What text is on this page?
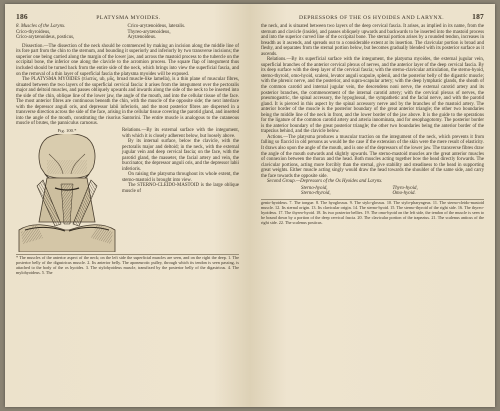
186	PLATYSMA MYOIDES.
8. Muscles of the Larynx.	Crico-arytænoideus, lateralis.
Crico-thyroideus,	Thyreo-arytænoideus,
Crico-arytænoideus, posticus,	Arytænoideus.

Dissection.—The dissection of the neck should be commenced by making an incision along the middle line of its fore part from the chin to the sternum, and bounding it superiorly and inferiorly by two transverse incisions; the superior one being carried along the margin of the lower jaw, and across the mastoid process to the tubercle on the occipital bone, the inferior one along the clavicle to the acromion process. The square flap of integument thus included should be turned back from the entire side of the neck, which brings into view the superficial fascia, and on the removal of a thin layer of superficial fascia the platysma myoides will be exposed.

The PLATYSMA MYOIDES (πλατύς, ub, μῦς, broad muscle-like lamella), is a thin plane of muscular fibres, situated between the two layers of the superficial cervical fascia: it arises from the integument over the pectoralis major and deltoid muscles, and passes obliquely upwards and inwards along the side of the neck to be inserted into the side of the chin, oblique line of the lower jaw, the angle of the mouth, and into the cellular tissue of the face. The most anterior fibres are continuous beneath the chin, with the muscle of the opposite side; the next interlace with the depressor anguli oris, and depressor labii inferioris, and the most posterior fibres are dispersed in a transverse direction across the side of the face, arising in the cellular tissue covering the parotid gland, and inserted into the angle of the mouth, constituting the risorius Santorini. The entire muscle is analogous to the cutaneous muscle of brutes, the panniculus carnosus.

Fig. 100.*	Relations.—By its external surface with the integument, with which it is closely adherent below, but loosely above.

By its internal surface, below the clavicle, with the pectoralis major and deltoid; in the neck, with the external jugular vein and deep cervical fascia; on the face, with the parotid gland, the masseter, the facial artery and vein, the buccinator, the depressor anguli oris, and the depressor labii inferioris.

On raising the platysma throughout its whole extent, the sterno-mastoid is brought into view.

The STERNO-CLEIDO-MASTOID is the large oblique muscle of

* The muscles of the anterior aspect of the neck; on the left side the superficial muscles are seen, and on the right the deep. 1. The posterior belly of the digastricus muscle. 2. Its anterior belly. The aponeurotic pulley, through which its tendon is seen passing, is attached to the body of the os hyoides. 3. The stylohyoideus muscle, transfixed by the posterior belly of the digastricus. 4. The mylohyoideus. 5. The
DEPRESSORS OF THE OS HYOIDES AND LARYNX.	187

the neck, and is situated between two layers of the deep cervical fascia. It arises, as implied in its name, from the sternum and clavicle (inside), and passes obliquely upwards and backwards to be inserted into the mastoid process and into the superior curved line of the occipital bone. The sternal portion arises by a rounded tendon, increases in breadth as it ascends, and spreads out to a considerable extent at its insertion. The clavicular portion is broad and fleshy, and separates from the sternal portion below, but becomes gradually blended with its posterior surface as it ascends.

Relations.—By its superficial surface with the integument, the platysma myoides, the external jugular vein, superficial branches of the anterior cervical plexus of nerves, and the anterior layer of the deep cervical fascia. By its deep surface with the deep layer of the cervical fascia; with the sterno-clavicular articulation, the sterno-hyoid, sterno-thyroid, omo-hyoid, scaleni, levator anguli scapulæ, splenii, and the posterior belly of the digastric muscle; with the phrenic nerve, and the posterior, and supra-scapular artery; with the deep lymphatic glands, the sheath of the common carotid and internal jugular vein, the descendens noni nerve, the external carotid artery and its posterior branches, the commencement of the internal carotid artery; with the cervical plexus of nerves, the pneumogastric, the spinal accessory, the hypoglossal, the sympathetic and the facial nerve, and with the parotid gland. It is pierced in this aspect by the spinal accessory nerve and by the branches of the mastoid artery. The anterior border of the muscle is the posterior boundary of the great anterior triangle; the other two boundaries being the middle line of the neck in front, and the lower border of the jaw above. It is the guide to the operations for the ligature of the common carotid artery and arteria innominata, and for œsophagotomy. The posterior border is the anterior boundary of the great posterior triangle; the other two boundaries being the anterior border of the trapezius behind, and the clavicle below.

Actions.—The platysma produces a muscular traction on the integument of the neck, which prevents it from falling so flaccid in old persons as would be the case if the extension of the skin were the mere result of elasticity. It draws also upon the angle of the mouth, and is one of the depressors of the lower jaw. The transverse fibres draw the angle of the mouth outwards and slightly upwards. The sterno-mastoid muscles are the great anterior muscles of connexion between the thorax and the head. Both muscles acting together bow the head directly forwards. The clavicular portions, acting more forcibly than the sternal, give stability and steadiness to the head in supporting great weights. Either muscle acting singly would draw the head towards the shoulder of the same side, and carry the face towards the opposite side.

Second Group.—Depressors of the Os Hyoides and Larynx.

Sterno-hyoid,	Thyro-hyoid,
Sterno-thyroid,	Omo-hyoid.
genio-hyoideus. 7. The tongue. 8. The hyoglossus. 9. The stylo-glossus. 10. The stylo-pharyngeus. 11. The sterno-cleido-mastoid muscle. 12. Its sternal origin. 13. Its clavicular origin. 14. The sterno-hyoid. 15. The sterno-thyroid of the right side. 16. The thyreo-hyoideus. 17. The thyreo-hyoid. 18. Its two posterior bellies. 19. The omo-hyoid on the left side, the tendon of the muscle is seen to be bound down by a portion of the deep cervical fascia. 20. The clavicular portion of the trapezius. 21. The scalenus anticus of the right side. 22. The scalenus posticus.
